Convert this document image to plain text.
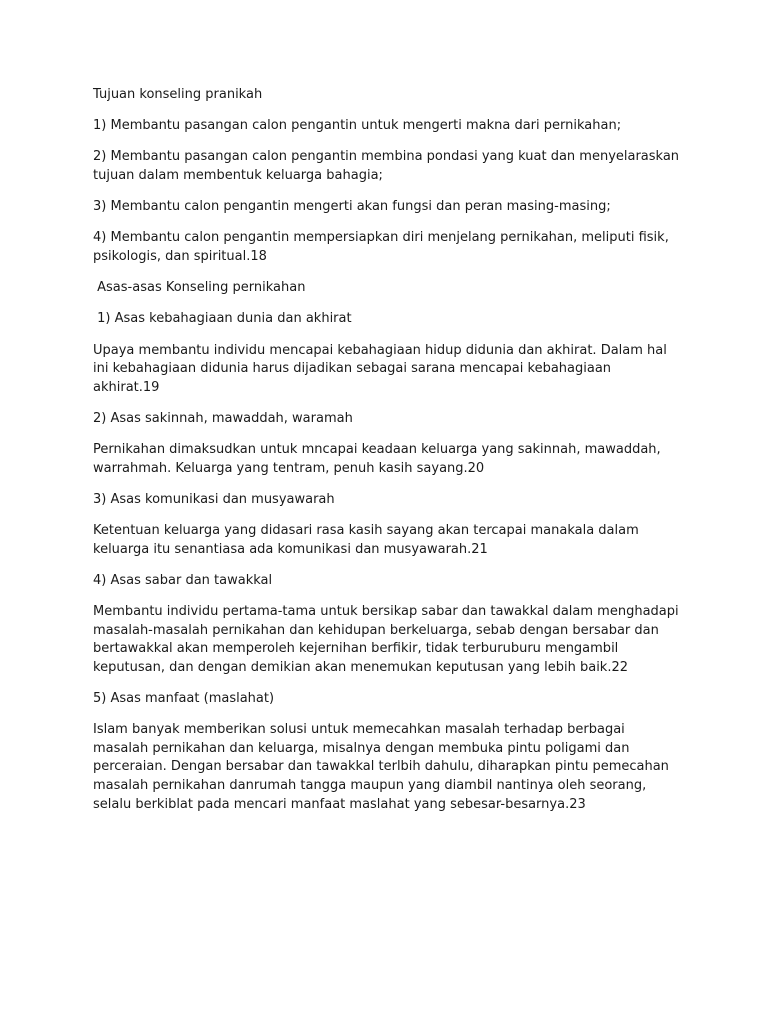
Tujuan konseling pranikah

1) Membantu pasangan calon pengantin untuk mengerti makna dari pernikahan;

2) Membantu pasangan calon pengantin membina pondasi yang kuat dan menyelaraskan tujuan dalam membentuk keluarga bahagia;

3) Membantu calon pengantin mengerti akan fungsi dan peran masing-masing;

4) Membantu calon pengantin mempersiapkan diri menjelang pernikahan, meliputi fisik, psikologis, dan spiritual.18

Asas-asas Konseling pernikahan

1) Asas kebahagiaan dunia dan akhirat

Upaya membantu individu mencapai kebahagiaan hidup didunia dan akhirat. Dalam hal ini kebahagiaan didunia harus dijadikan sebagai sarana mencapai kebahagiaan akhirat.19

2) Asas sakinnah, mawaddah, waramah

Pernikahan dimaksudkan untuk mncapai keadaan keluarga yang sakinnah, mawaddah, warrahmah. Keluarga yang tentram, penuh kasih sayang.20

3) Asas komunikasi dan musyawarah

Ketentuan keluarga yang didasari rasa kasih sayang akan tercapai manakala dalam keluarga itu senantiasa ada komunikasi dan musyawarah.21

4) Asas sabar dan tawakkal

Membantu individu pertama-tama untuk bersikap sabar dan tawakkal dalam menghadapi masalah-masalah pernikahan dan kehidupan berkeluarga, sebab dengan bersabar dan bertawakkal akan memperoleh kejernihan berfikir, tidak terburuburu mengambil keputusan, dan dengan demikian akan menemukan keputusan yang lebih baik.22

5) Asas manfaat (maslahat)

Islam banyak memberikan solusi untuk memecahkan masalah terhadap berbagai masalah pernikahan dan keluarga, misalnya dengan membuka pintu poligami dan perceraian. Dengan bersabar dan tawakkal terlbih dahulu, diharapkan pintu pemecahan masalah pernikahan danrumah tangga maupun yang diambil nantinya oleh seorang, selalu berkiblat pada mencari manfaat maslahat yang sebesar-besarnya.23
